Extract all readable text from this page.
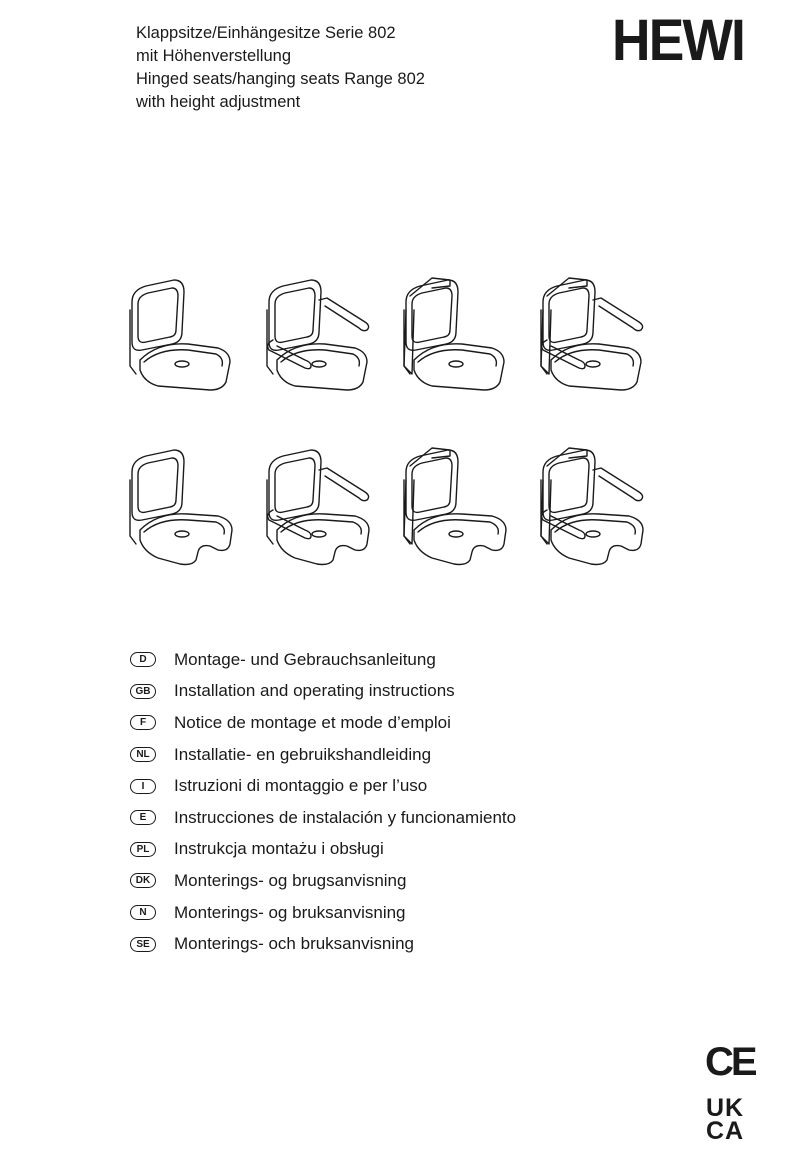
Klappsitze/Einhängesitze Serie 802
mit Höhenverstellung
Hinged seats/hanging seats Range 802
with height adjustment
HEWI
D	Montage- und Gebrauchsanleitung
GB	Installation and operating instructions
F	Notice de montage et mode d’emploi
NL	Installatie- en gebruikshandleiding
I	Istruzioni di montaggio e per l’uso
E	Instrucciones de instalación y funcionamiento
PL	Instrukcja montażu i obsługi
DK	Monterings- og brugsanvisning
N	Monterings- og bruksanvisning
SE	Monterings- och bruksanvisning
CE
UK
CA
